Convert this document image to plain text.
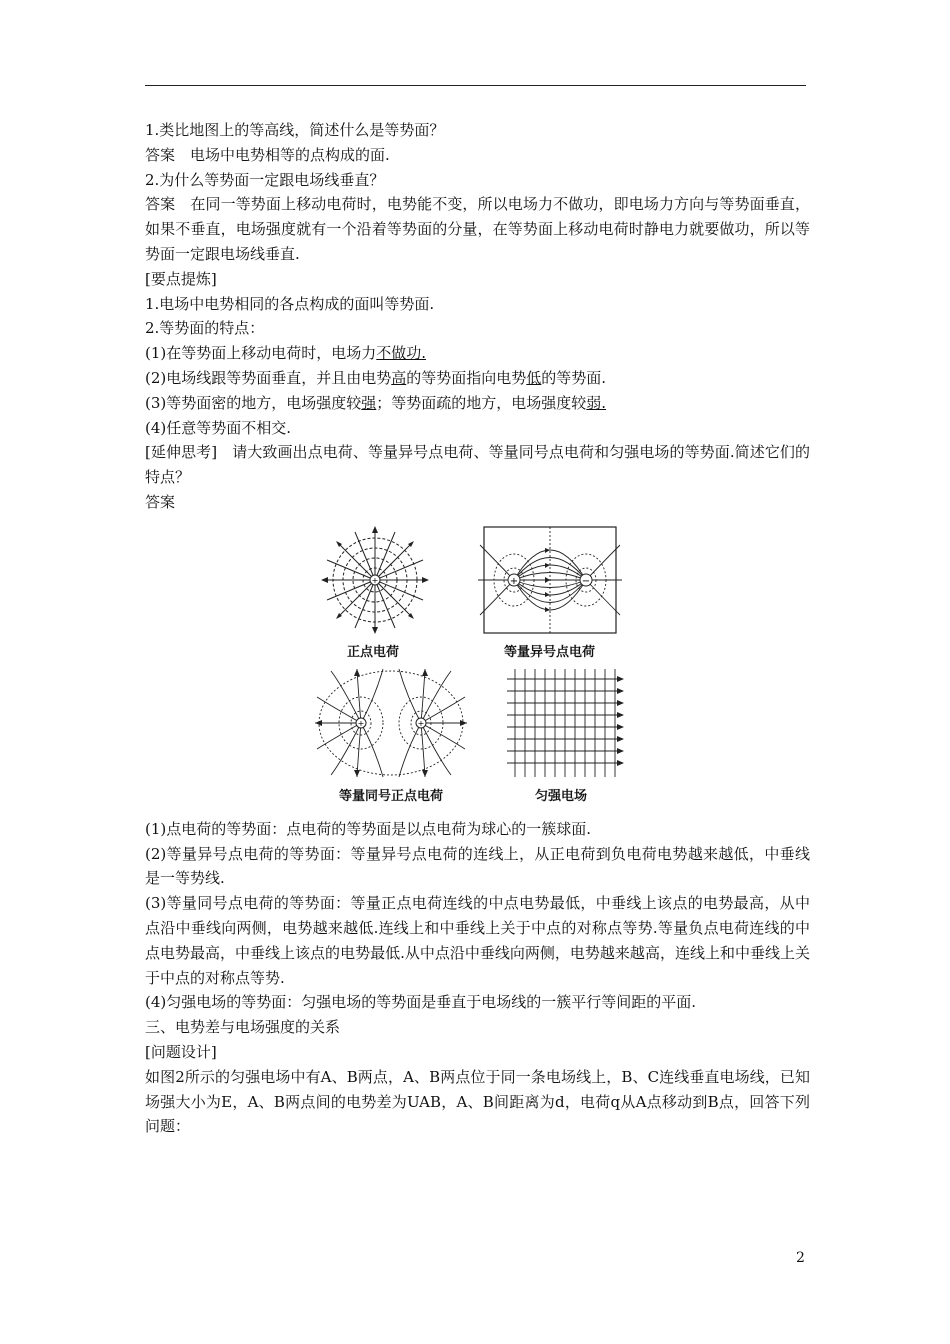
1.类比地图上的等高线，简述什么是等势面？

答案　电场中电势相等的点构成的面.

2.为什么等势面一定跟电场线垂直？

答案　在同一等势面上移动电荷时，电势能不变，所以电场力不做功，即电场力方向与等势面垂直，如果不垂直，电场强度就有一个沿着等势面的分量，在等势面上移动电荷时静电力就要做功，所以等势面一定跟电场线垂直.

[要点提炼]

1.电场中电势相同的各点构成的面叫等势面.

2.等势面的特点：

(1)在等势面上移动电荷时，电场力不做功.

(2)电场线跟等势面垂直，并且由电势高的等势面指向电势低的等势面.

(3)等势面密的地方，电场强度较强；等势面疏的地方，电场强度较弱.

(4)任意等势面不相交.

[延伸思考]　请大致画出点电荷、等量异号点电荷、等量同号点电荷和匀强电场的等势面.简述它们的特点？

答案

+
正点电荷
+	−
等量异号点电荷
+	+
等量同号正点电荷	匀强电场

(1)点电荷的等势面：点电荷的等势面是以点电荷为球心的一簇球面.

(2)等量异号点电荷的等势面：等量异号点电荷的连线上，从正电荷到负电荷电势越来越低，中垂线是一等势线.

(3)等量同号点电荷的等势面：等量正点电荷连线的中点电势最低，中垂线上该点的电势最高，从中点沿中垂线向两侧，电势越来越低.连线上和中垂线上关于中点的对称点等势.等量负点电荷连线的中点电势最高，中垂线上该点的电势最低.从中点沿中垂线向两侧，电势越来越高，连线上和中垂线上关于中点的对称点等势.

(4)匀强电场的等势面：匀强电场的等势面是垂直于电场线的一簇平行等间距的平面.

三、电势差与电场强度的关系

[问题设计]

如图2所示的匀强电场中有A、B两点，A、B两点位于同一条电场线上，B、C连线垂直电场线，已知场强大小为E，A、B两点间的电势差为UAB，A、B间距离为d，电荷q从A点移动到B点，回答下列问题：

2
